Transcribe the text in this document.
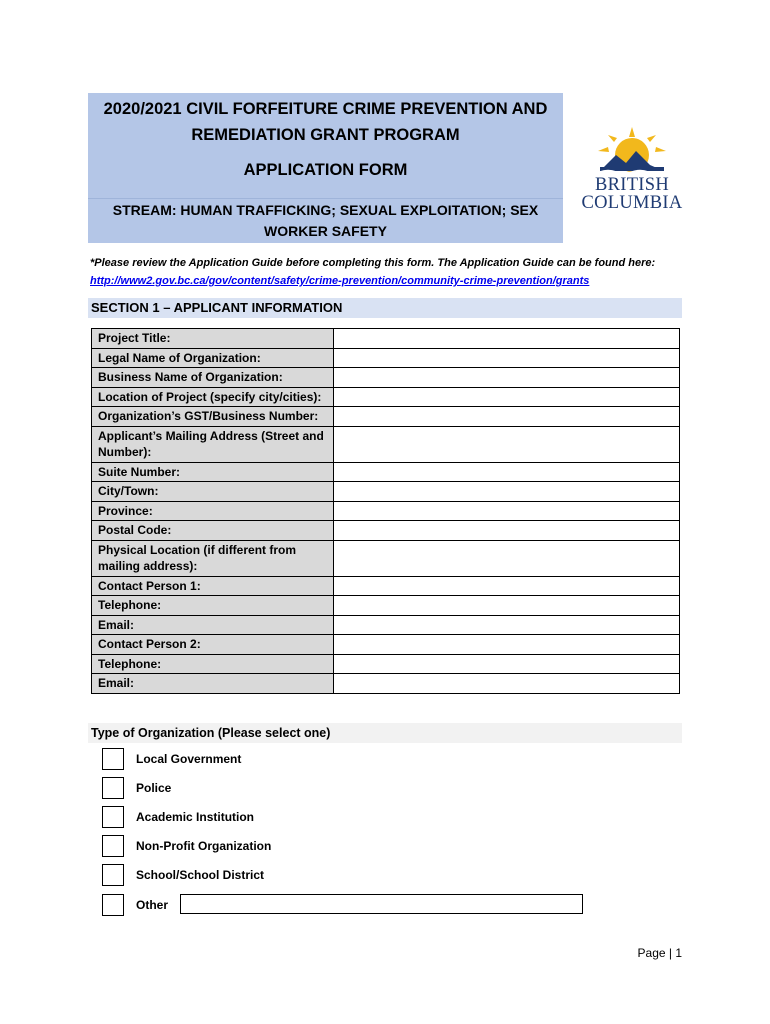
2020/2021 CIVIL FORFEITURE CRIME PREVENTION AND
REMEDIATION GRANT PROGRAM
APPLICATION FORM
STREAM: HUMAN TRAFFICKING; SEXUAL EXPLOITATION; SEX
WORKER SAFETY
BRITISH
COLUMBIA
*Please review the Application Guide before completing this form. The Application Guide can be found here:
http://www2.gov.bc.ca/gov/content/safety/crime-prevention/community-crime-prevention/grants
SECTION 1 – APPLICANT INFORMATION
Project Title:	
Legal Name of Organization:	
Business Name of Organization:	
Location of Project (specify city/cities):	
Organization’s GST/Business Number:	
Applicant’s Mailing Address (Street and Number):	
Suite Number:	
City/Town:	
Province:	
Postal Code:	
Physical Location (if different from mailing address):	
Contact Person 1:	
Telephone:	
Email:	
Contact Person 2:	
Telephone:	
Email:	
Type of Organization (Please select one)
Local Government
Police
Academic Institution
Non-Profit Organization
School/School District
Other
Page | 1
